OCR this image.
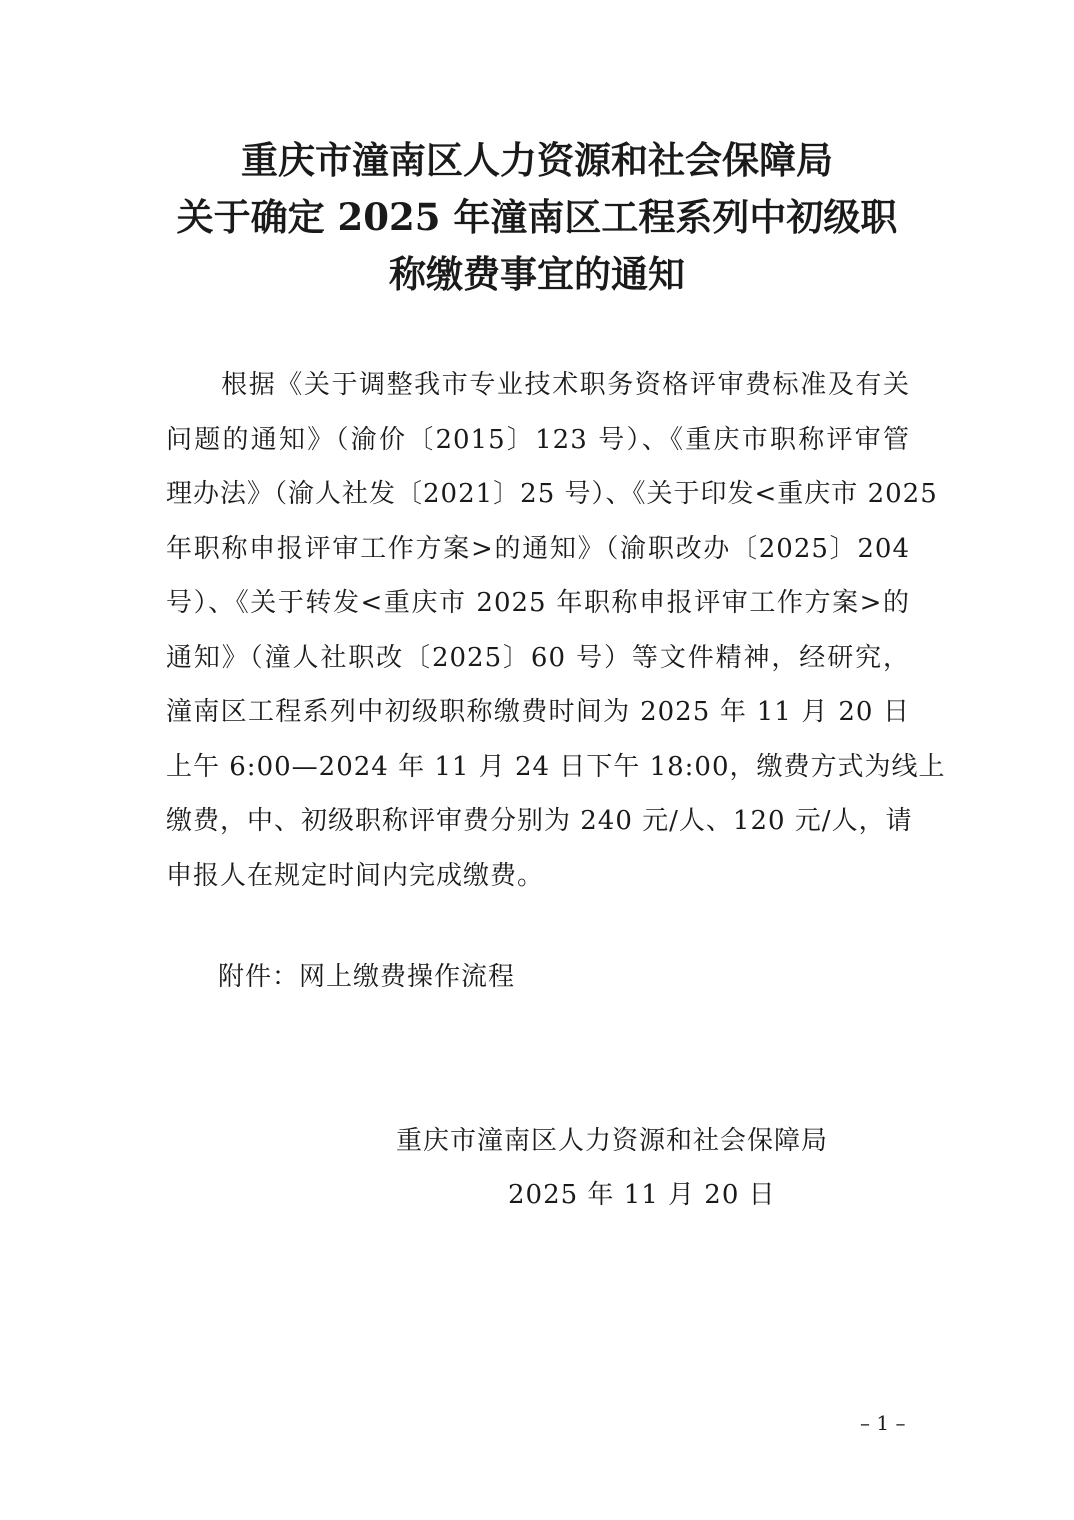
重庆市潼南区人力资源和社会保障局
关于确定 2025 年潼南区工程系列中初级职
称缴费事宜的通知
　　根据《关于调整我市专业技术职务资格评审费标准及有关
问题的通知》（渝价〔2015〕123 号）、《重庆市职称评审管
理办法》（渝人社发〔2021〕25 号）、《关于印发<重庆市 2025
年职称申报评审工作方案>的通知》（渝职改办〔2025〕204
号）、《关于转发<重庆市 2025 年职称申报评审工作方案>的
通知》（潼人社职改〔2025〕60 号）等文件精神，经研究，
潼南区工程系列中初级职称缴费时间为 2025 年 11 月 20 日
上午 6:00—2024 年 11 月 24 日下午 18:00，缴费方式为线上
缴费，中、初级职称评审费分别为 240 元/人、120 元/人，请
申报人在规定时间内完成缴费。
附件：网上缴费操作流程
重庆市潼南区人力资源和社会保障局
2025 年 11 月 20 日
– 1 –
